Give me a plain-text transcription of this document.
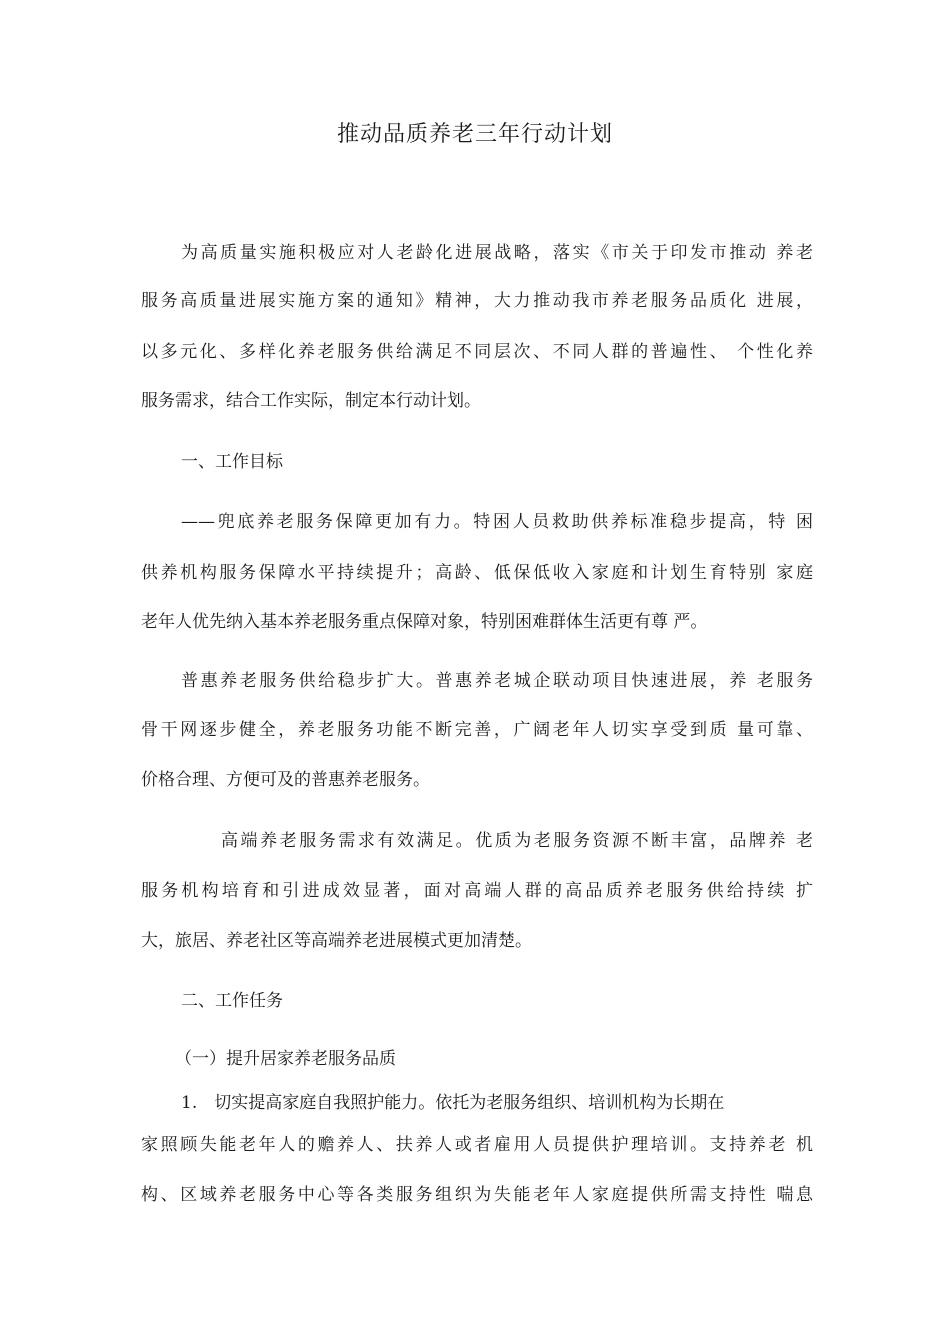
推动品质养老三年行动计划
为高质量实施积极应对人老龄化进展战略，落实《市关于印发市推动 养老
服务高质量进展实施方案的通知》精神，大力推动我市养老服务品质化 进展，
以多元化、多样化养老服务供给满足不同层次、不同人群的普遍性、 个性化养
服务需求，结合工作实际，制定本行动计划。
一、工作目标
——兜底养老服务保障更加有力。特困人员救助供养标准稳步提高，特 困
供养机构服务保障水平持续提升；高龄、低保低收入家庭和计划生育特别 家庭
老年人优先纳入基本养老服务重点保障对象，特别困难群体生活更有尊 严。
普惠养老服务供给稳步扩大。普惠养老城企联动项目快速进展，养 老服务
骨干网逐步健全，养老服务功能不断完善，广阔老年人切实享受到质 量可靠、
价格合理、方便可及的普惠养老服务。
高端养老服务需求有效满足。优质为老服务资源不断丰富，品牌养 老
服务机构培育和引进成效显著，面对高端人群的高品质养老服务供给持续 扩
大，旅居、养老社区等高端养老进展模式更加清楚。
二、工作任务
（一）提升居家养老服务品质
1.　切实提高家庭自我照护能力。依托为老服务组织、培训机构为长期在
家照顾失能老年人的赡养人、扶养人或者雇用人员提供护理培训。支持养老 机
构、区域养老服务中心等各类服务组织为失能老年人家庭提供所需支持性 喘息
